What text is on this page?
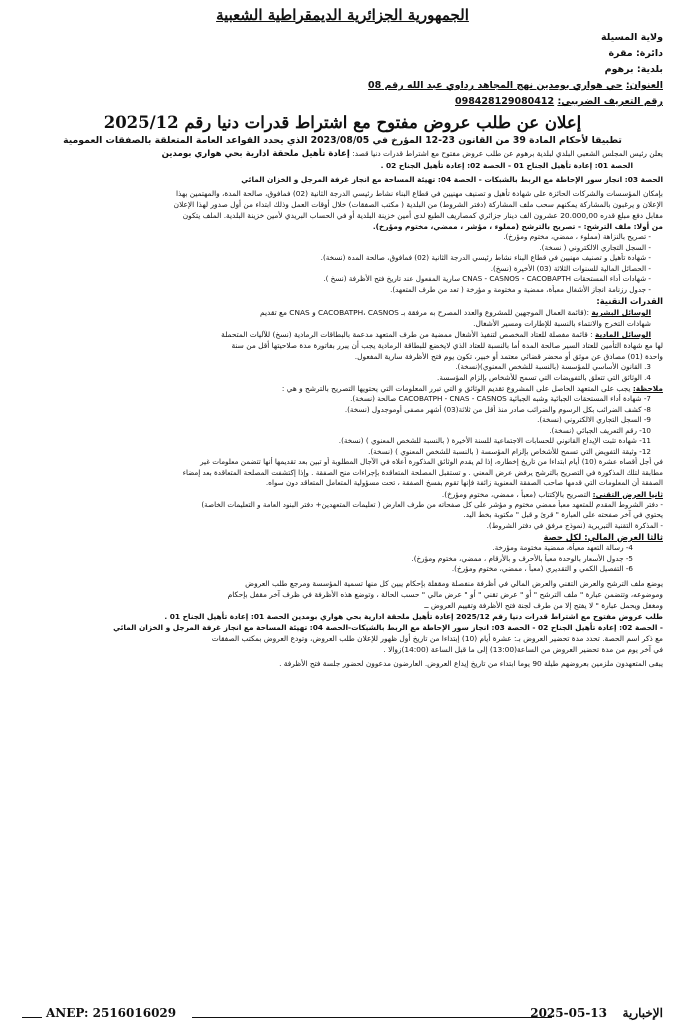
الجمهورية الجزائرية الديمقراطية الشعبية
ولاية المسيلة
دائرة: مقرة
بلدية: برهوم
العنوان: حي هواري بومدين نهج المجاهد رداوي عبد الله رقم 08
رقم التعريف الضريبي: 098428129080412
إعلان عن طلب عروض مفتوح مع اشتراط قدرات دنيا رقم 2025/12
تطبيقا لأحكام المادة 39 من القانون 23-12 المؤرخ في 2023/08/05 الذي يحدد القواعد العامة المتعلقة بالصفقات العمومية
يعلن رئيس المجلس الشعبي البلدي لبلدية برهوم عن طلب عروض مفتوح مع اشتراط قدرات دنيا قصد: إعادة تأهيل ملحقة ادارية بحي هواري بومدين
الحصة 01: إعادة تأهيل الجناح 01 - الحصة 02: إعادة تأهيل الجناح 02 .
الحصة 03: انجاز سور الإحاطة مع الربط بالشبكات - الحصة 04: تهيئة المساحة مع انجاز غرفة المرجل و الخزان المائي
بإمكان المؤسسات والشركات الحائزة على شهادة تأهيل و تصنيف مهنيين في قطاع البناء نشاط رئيسي الدرجة الثانية (02) فمافوق، صالحة المدة، والمهتمين بهذا
الإعلان و يرغبون بالمشاركة يمكنهم سحب ملف المشاركة (دفتر الشروط) من البلدية ( مكتب الصفقات) خلال أوقات العمل وذلك ابتداء من أول صدور لهذا الإعلان
مقابل دفع مبلغ قدره 20.000,00 عشرون الف دينار جزائري كمصاريف الطبع لدى أمين خزينة البلدية أو في الحساب البريدي لأمين خزينة البلدية. الملف يتكون
من أولا: ملف الترشح: - تصريح بالترشح (مملوء ، مؤشر ، ممضي، مختوم ومؤرخ).
- تصريح بالنزاهة (مملوء ، ممضي، مختوم ومؤرخ).
- السجل التجاري الالكتروني ( نسخة).
- شهادة تأهيل و تصنيف مهنيين في قطاع البناء نشاط رئيسي الدرجة الثانية (02) فمافوق، صالحة المدة (نسخة).
- الحصائل المالية للسنوات الثلاثة (03) الأخيرة (نسخ).
- شهادات أداء المستحقات CNAS - CASNOS - CACOBAPTH سارية المفعول عند تاريخ فتح الأظرفة (نسخ ).
- جدول رزنامة انجاز الأشغال معبأة، ممضية و مختومة و مؤرخة ( تعد من طرف المتعهد).
القدرات التقنية:
الوسائل البشرية :(قائمة العمال الموجهين للمشروع والعدد المصرح به مرفقة بـ CACOBATPH، CASNOS و CNAS مع تقديم
شهادات التخرج والانتماء بالنسبة للإطارات ومسير الأشغال.
الوسائل المادية : قائمة مفصلة للعتاد المخصص لتنفيذ الأشغال ممضية من طرف المتعهد مدعمة بالبطاقات الرمادية (نسخ) للآليات المتحملة
لها مع شهادة التأمين للعتاد السير صالحة المدة أما بالنسبة للعتاد الذي لايخضع للبطاقة الرمادية يجب أن يبرر بفاتورة مدة صلاحيتها أقل من سنة
واحدة (01) مصادق عن موثق أو محضر قضائي معتمد أو خبير، تكون يوم فتح الأظرفة سارية المفعول.
3. القانون الأساسي للمؤسسة (بالنسبة للشخص المعنوي)(نسخة).
4. الوثائق التي تتعلق بالتفويضات التي تسمح للأشخاص بإلزام المؤسسة.
ملاحظة: يجب على المتعهد الحاصل على المشروع تقديم الوثائق و التي تبرر المعلومات التي يحتويها التصريح بالترشح و هي :
7- شهادة أداء المستحقات الجبائية وشبه الجبائية CACOBATPH - CNAS - CASNOS صالحة (نسخة).
8- كشف الضرائب بكل الرسوم والضرائب صادر منذ أقل من ثلاثة(03) أشهر مصفى أوموجدول (نسخة).
9- السجل التجاري الالكتروني (نسخة).
10- رقم التعريف الجبائي (نسخة).
11- شهادة تثبت الإيداع القانوني للحسابات الاجتماعية للسنة الأخيرة ( بالنسبة للشخص المعنوي ) (نسخة).
12- وثيقة التفويض التي تسمح للأشخاص بإلزام المؤسسة ( بالنسبة للشخص المعنوي ) (نسخة).
في أجل أقصاه عشرة (10) أيام ابتداءا من تاريخ إخطاره، إذا لم يقدم الوثائق المذكورة أعلاه في الآجال المطلوبة أو تبين بعد تقديمها أنها تتضمن معلومات غير
مطابقة لتلك المذكورة في التصريح بالترشح يرفض عرض المعني . و تستقبل المصلحة المتعاقدة بإجراءات منح الصفقة . وإذا إكتشفت المصلحة المتعاقدة بعد إمضاء
الصفقة أن المعلومات التي قدمها صاحب الصفقة المعنوية زائفة فإنها تقوم بفسخ الصفقة ، تحت مسؤولية المتعامل المتعاقد دون سواه.
ثانيا العرض التقني: التصريح بالإكتتاب (معبأ ، ممضي، مختوم ومؤرخ).
- دفتر الشروط المقدم للمتعهد معبأ ممضي مختوم و مؤشر على كل صفحاته من طرف العارض ( تعليمات المتعهدين+ دفتر البنود العامة و التعليمات الخاصة)
يحتوي في آخر صفحته على العبارة " قرئ و قبل " مكتوبة بخط اليد.
- المذكرة التقنية التبريرية (نموذج مرفق في دفتر الشروط).
ثالثا العرض المالي: لكل حصة
4- رسالة التعهد معبأة، ممضية مختومة ومؤرخة.
5- جدول الأسعار بالوحدة معبأ بالأحرف و بالأرقام ، ممضي، مختوم ومؤرخ).
6- التفصيل الكمي و التقديري (معبأ ، ممضي، مختوم ومؤرخ).
يوضع ملف الترشح والعرض التقني والعرض المالي في أظرفة منفصلة ومقفلة بإحكام يبين كل منها تسمية المؤسسة ومرجع طلب العروض
وموضوعه، وتتضمن عبارة " ملف الترشح " أو " عرض تقني " أو " عرض مالي " حسب الحالة ، وتوضع هذه الأظرفة في ظرف آخر مقفل بإحكام
ومغفل ويحمل عبارة " لا يفتح إلا من طرف لجنة فتح الأظرفة وتقييم العروض ــ
طلب عروض مفتوح مع اشتراط قدرات دنيا رقم 2025/12 إعادة تأهيل ملحقة ادارية بحي هواري بومدين الحصة 01: إعادة تأهيل الجناح 01 .
- الحصة 02: إعادة تأهيل الجناح 02 - الحصة 03: انجاز سور الإحاطة مع الربط بالشبكات-الحصة 04: تهيئة المساحة مع انجاز غرفة المرجل و الخزان المائي
مع ذكر اسم الحصة. تحدد مدة تحضير العروض بـ: عشرة أيام (10) إبتداءا من تاريخ أول ظهور للإعلان طلب العروض، وتودع العروض بمكتب الصفقات
في آخر يوم من مدة تحضير العروض من الساعة(13:00) إلى ما قبل الساعة (14:00)زوالا .
يبقى المتعهدون ملزمين بعروضهم طيلة 90 يوما ابتداء من تاريخ إيداع العروض. العارضون مدعوون لحضور جلسة فتح الأظرفة .
ANEP: 2516016029	2025-05-13 الإخبارية
